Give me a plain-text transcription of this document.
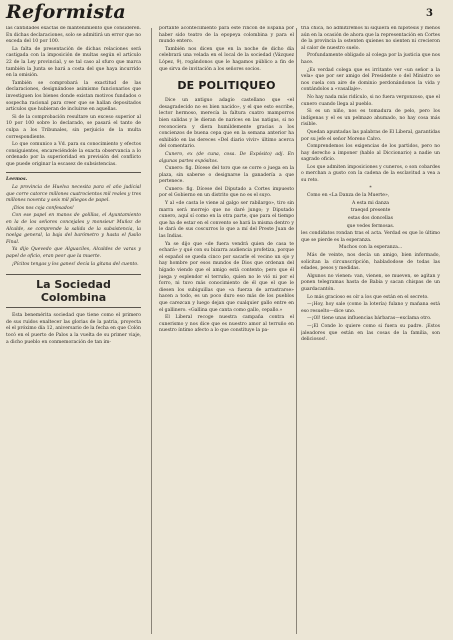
Reformista	3

las cantidades exactas de mantenimiento que consideren. En dichas declaraciones, solo se admitirá un error que no exceda del 10 por 100.

La falta de presentación de dichas relaciones será castigada con la imposición de multas según el artículo 22 de la Ley provincial, y se tal caso al sfuro que marca también la Junta se hará a costa del que haya incurrido en la omisión.

También se comprobará la exactitud de las declaraciones, designándose asimismo funcionarios que investiguen los bienes donde existan motivos fundados o sospecha racional para creer que se hallan depositados artículos que hubieran de incluirse en aquellas.

Si de la comprobación resultare un exceso superior al 10 por 100 sobre lo declarado, se pasará el tanto de culpa a los Tribunales, sin perjuicio de la multa correspondiente.

Lo que comunico a Vd. para su conocimiento y efectos consiguientes, encareciéndole la exacta observancia a lo ordenado por la superioridad en previsión del conflicto que puede originar la escasez de subsistencias.

Leemos.

La provincia de Huelva necesita para el año judicial que corre catorce millones cuatrocientos mil reales y tres millones noventa y seis mil pliegos de papel.

¡Dios nos coja confesados!

Con ese papel en manos de golillas, el Ayuntamiento en la de los señores concejales y monsieur Muñoz de Alcalde, se comprende la salida de la subsistencia, la noelga general, la baja del barómetro y hasta el fusilo Final.

Ya dijo Quevedo que Alguaciles, Alcaldes de varas y papel de oficio, eran peor que la muerte.

¡Pícitos tengas y los ganes! decía la gitana del cuento.

La Sociedad Colombina

Esta benemérita sociedad que tiene como el primero de sus ruidos enaltecer las glorias de la patria, proyecta el el próximo día 12, aniversario de la fecha en que Colón tocó en el puerto de Palos a la vuelta de su primer viaje, a dicho pueblo en conmemoración de tan im-

portante acontecimiento para este rincón de España por haber sido teatro de la epopeya colombina y para el mundo entero.

También nos dicen que en la noche de dicho día celebrará una velada en el local de la sociedad (Vázquez López, 9), rogándonos que le hagamos público a fin de que sirva de invitación a los señores socios.

DE POLITIQUEO

Dice un antiguo adagio castellano que «el desagradecido no es bien nacido», y el que esto escribe, lector hermoso, merecía la faltura cuatro mamporros bien salidas y le dieran de narices en las natigas, si no reconociera y diera humildemente gracias a los concienzos de buena cepa que en la semana anterior ha exhibido en las dereces «Del diario vivir» último acerca del comentario.

Cunero, ex (de cuna, cosa. De Expósito) adj. En algunas partes expósitos.

Cunero: fig. Dícese del toro que se corre o juega en la plaza, sin saberse o designarse la ganadería a que pertenece.

Cunero: fig. Dícese del Diputado a Cortes impuesto por el Gobierno en un distrito que no es el suyo.

Y al «de casta le viene al galgo ser rabilargo», tiro sin marra será morrejo que no daré jungo; y Diputado cunero, aquí sí como en la otra parte, que para el tiempo que ha de estar en el convento se hará la misma dentro y le dará de sus coscurros lo que a mí del Preste Juan de las Indias.

Ya se dijo que «de fuera vendrá quien de casa te echará» y qué con su bizarra audiencia profetiza, porque el español se queda cinco por sacarle el vecino un ojo y hay hombre por esos mundos de Dios que ordenan del hígado viendo que el amigo está contento; pero que él juega y esplendor el terruño, quien no le vió ni por el forro, ni tuvo más conocimiento de él que el que le diesen los subiguillas que «a fuerza de arrastrarse» hacen a todo, es un poco duro eso más de los pueblos que carezcan y luego dejan que cualquier gallo entre en el gallinero. «Gallina que canta como gallo, cepallo.»

El Liberal recoge nuestra campaña contra el cunerismo y nos dice que es nuestro amor al terruño en nuestro íntimo afecto a lo que constituye la pa-

tria chica, no admitiremos ni siquiera en hipótesis y menos aún en la ocasión de ahora que la representación en Cortes de la provincia la ostenten quienes no sienten ni crecieron al calor de nuestro suelo.

Profundamente obligado al colega por la justicia que nos hace.

¿Es verdad colega que es irritante ver «un señor a la vela» que por ser amigo del Presidente o del Ministro se nos cuela con aire de dominio perdonándonos la vida y contándolos a «vasallaje».

No hay nada más ridículo, si no fuera vergonzoso, que el cunero cuando llega al pueblo.

Si es un niño, nos es tomadura de pelo, pero los indígenas y el es un pelmazo ahumado, no hay cosa más risible.

Quedan apuntadas las palabras de El Liberal, garantidas por su jefe el señor Moreno Calvo.

Comprendemos los exigencias de los partidos, pero no hay derecho a imponer (hablo al Diccionario) a nadie un sagrado oficio.

Los que admiten imposiciones y cuneros, o son cobardes o merchan a gusto con la cadena de la esclavitud a vea a su reto.

*

Como en «La Danza de la Muerte»,

A esta mi danza

traeqsd presente

estas dos doncellas

que vedes fermosas.

les condidatos rondan tras el acta. Verdad es que lo último que se pierde es la esperanza.

Muchos con la esperanza...

Más de veinte, nos decía un amigo, bien informado, solicitan la circunscripción, habladodose de todas las edades, pesos y medidas.

Algunos no vienen: van, vienen, se mueven, se agitan y ponen telegramas hasta de Babia y sacan chispas de un guardacantón.

Lo más gracioso es oír a los que están en el secreto.

—¡Hoy, hoy sale (como la lotería) fulano y mañana está eso resuelto—dice uno.

—¡Ol! tiene unas influencias bárbaras—exclama otro.

—¡El Conde lo quiere como si fuera su padre. ¡Estos jaleadores que están en las cosas de la familia, son deliciosos!.
